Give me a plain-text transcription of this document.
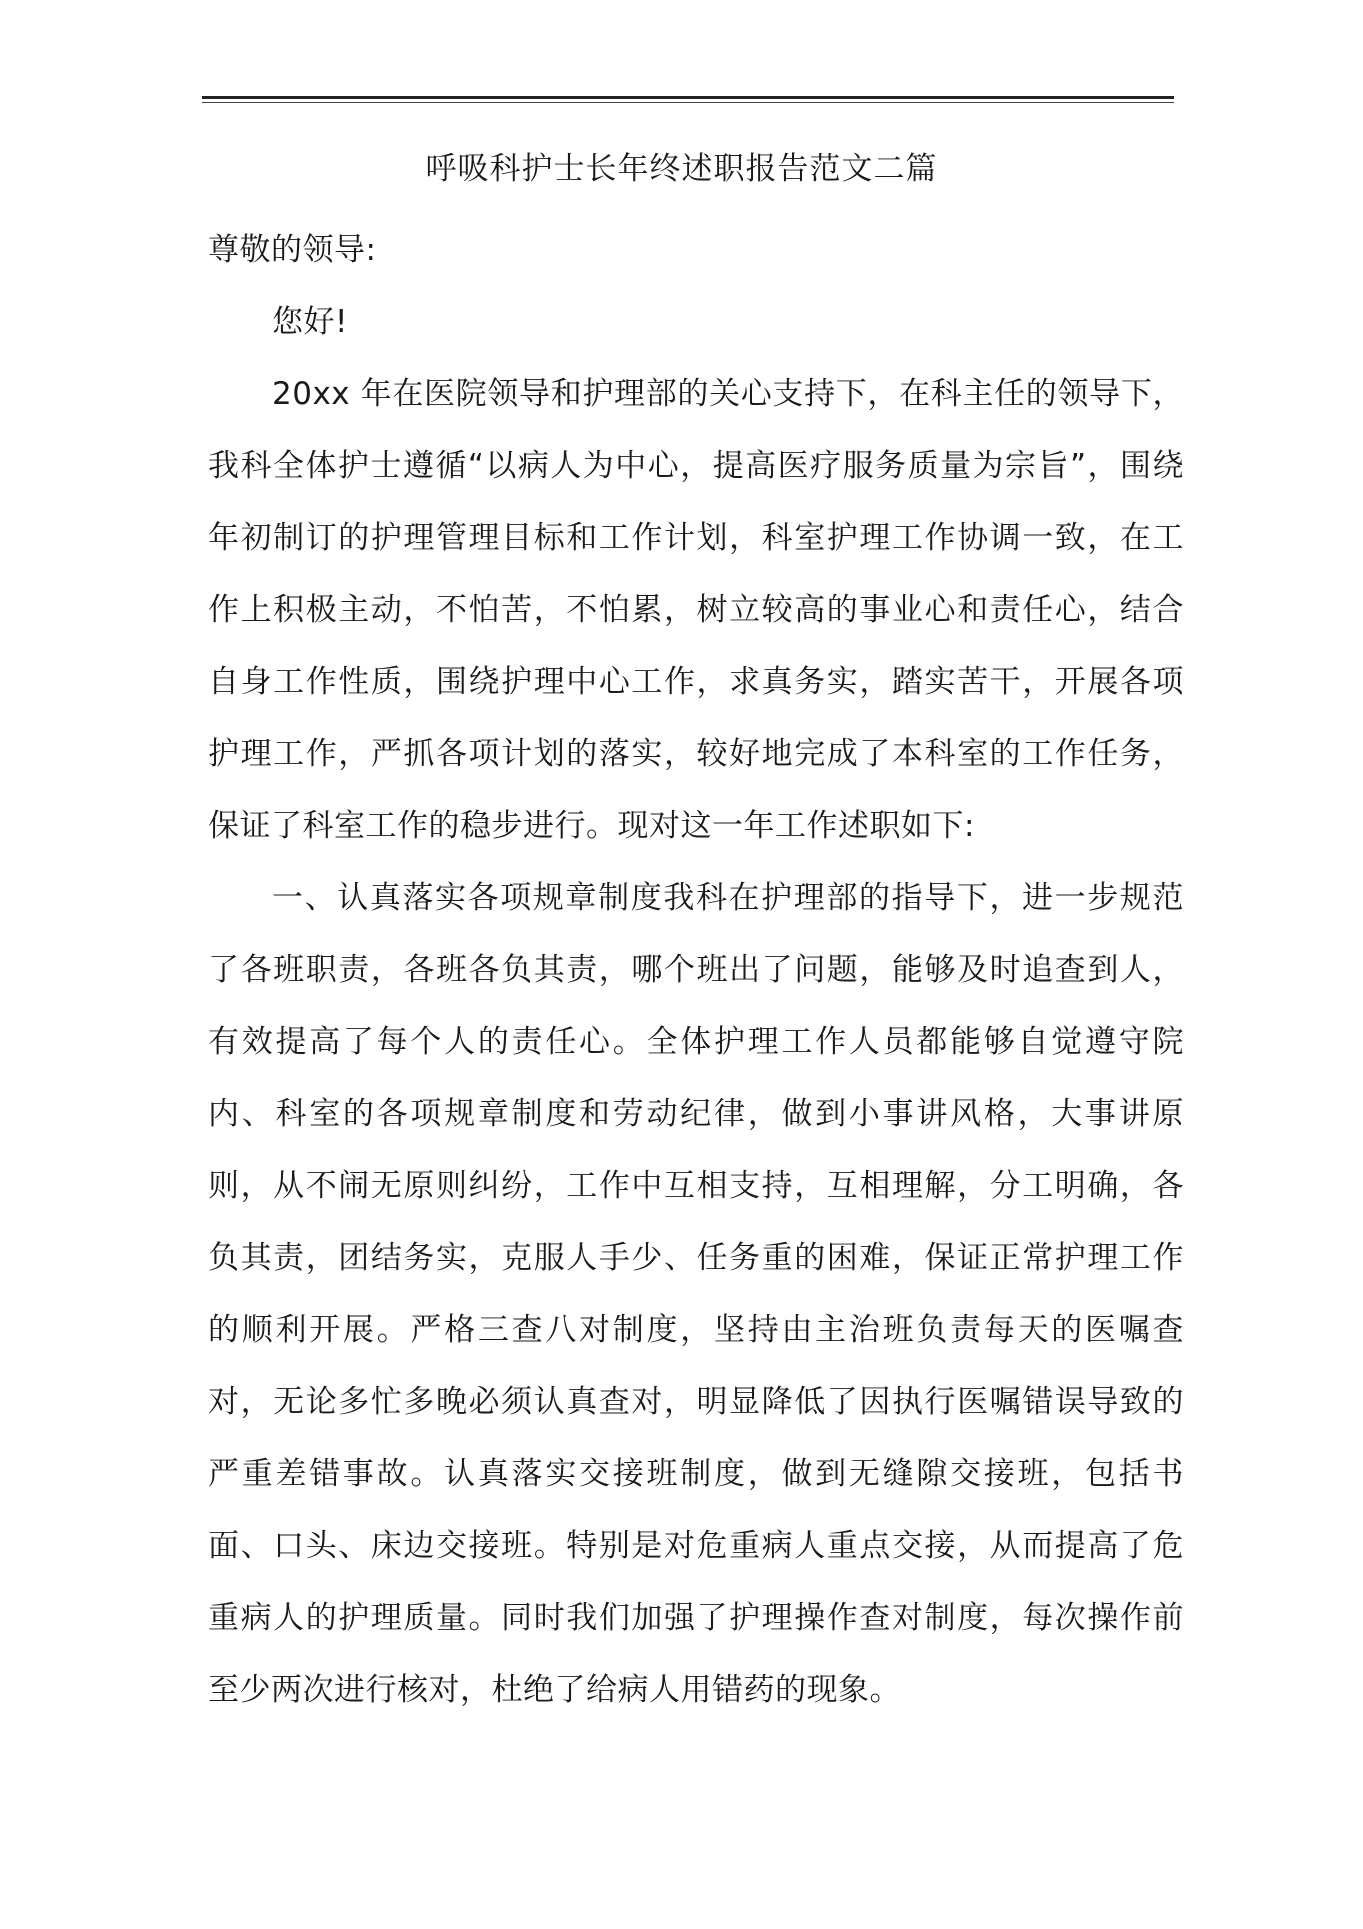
呼吸科护士长年终述职报告范文二篇

尊敬的领导:

您好!

20xx 年在医院领导和护理部的关心支持下，在科主任的领导下，我科全体护士遵循“以病人为中心，提高医疗服务质量为宗旨”，围绕年初制订的护理管理目标和工作计划，科室护理工作协调一致，在工作上积极主动，不怕苦，不怕累，树立较高的事业心和责任心，结合自身工作性质，围绕护理中心工作，求真务实，踏实苦干，开展各项护理工作，严抓各项计划的落实，较好地完成了本科室的工作任务，保证了科室工作的稳步进行。现对这一年工作述职如下:

一、认真落实各项规章制度我科在护理部的指导下，进一步规范了各班职责，各班各负其责，哪个班出了问题，能够及时追查到人，有效提高了每个人的责任心。全体护理工作人员都能够自觉遵守院内、科室的各项规章制度和劳动纪律，做到小事讲风格，大事讲原则，从不闹无原则纠纷，工作中互相支持，互相理解，分工明确，各负其责，团结务实，克服人手少、任务重的困难，保证正常护理工作的顺利开展。严格三查八对制度，坚持由主治班负责每天的医嘱查对，无论多忙多晚必须认真查对，明显降低了因执行医嘱错误导致的严重差错事故。认真落实交接班制度，做到无缝隙交接班，包括书面、口头、床边交接班。特别是对危重病人重点交接，从而提高了危重病人的护理质量。同时我们加强了护理操作查对制度，每次操作前至少两次进行核对，杜绝了给病人用错药的现象。
